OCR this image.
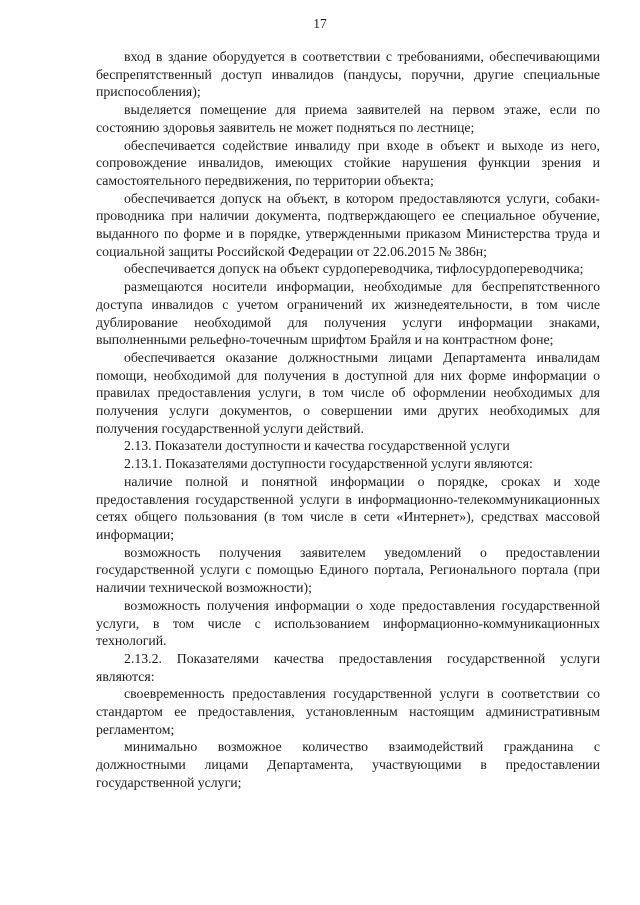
17

вход в здание оборудуется в соответствии с требованиями, обеспечивающими беспрепятственный доступ инвалидов (пандусы, поручни, другие специальные приспособления);

выделяется помещение для приема заявителей на первом этаже, если по состоянию здоровья заявитель не может подняться по лестнице;

обеспечивается содействие инвалиду при входе в объект и выходе из него, сопровождение инвалидов, имеющих стойкие нарушения функции зрения и самостоятельного передвижения, по территории объекта;

обеспечивается допуск на объект, в котором предоставляются услуги, собаки-проводника при наличии документа, подтверждающего ее специальное обучение, выданного по форме и в порядке, утвержденными приказом Министерства труда и социальной защиты Российской Федерации от 22.06.2015 № 386н;

обеспечивается допуск на объект сурдопереводчика, тифлосурдопереводчика;

размещаются носители информации, необходимые для беспрепятственного доступа инвалидов с учетом ограничений их жизнедеятельности, в том числе дублирование необходимой для получения услуги информации знаками, выполненными рельефно-точечным шрифтом Брайля и на контрастном фоне;

обеспечивается оказание должностными лицами Департамента инвалидам помощи, необходимой для получения в доступной для них форме информации о правилах предоставления услуги, в том числе об оформлении необходимых для получения услуги документов, о совершении ими других необходимых для получения государственной услуги действий.

2.13. Показатели доступности и качества государственной услуги

2.13.1. Показателями доступности государственной услуги являются:

наличие полной и понятной информации о порядке, сроках и ходе предоставления государственной услуги в информационно-телекоммуникационных сетях общего пользования (в том числе в сети «Интернет»), средствах массовой информации;

возможность получения заявителем уведомлений о предоставлении государственной услуги с помощью Единого портала, Регионального портала (при наличии технической возможности);

возможность получения информации о ходе предоставления государственной услуги, в том числе с использованием информационно-коммуникационных технологий.

2.13.2. Показателями качества предоставления государственной услуги являются:

своевременность предоставления государственной услуги в соответствии со стандартом ее предоставления, установленным настоящим административным регламентом;

минимально возможное количество взаимодействий гражданина с должностными лицами Департамента, участвующими в предоставлении государственной услуги;
